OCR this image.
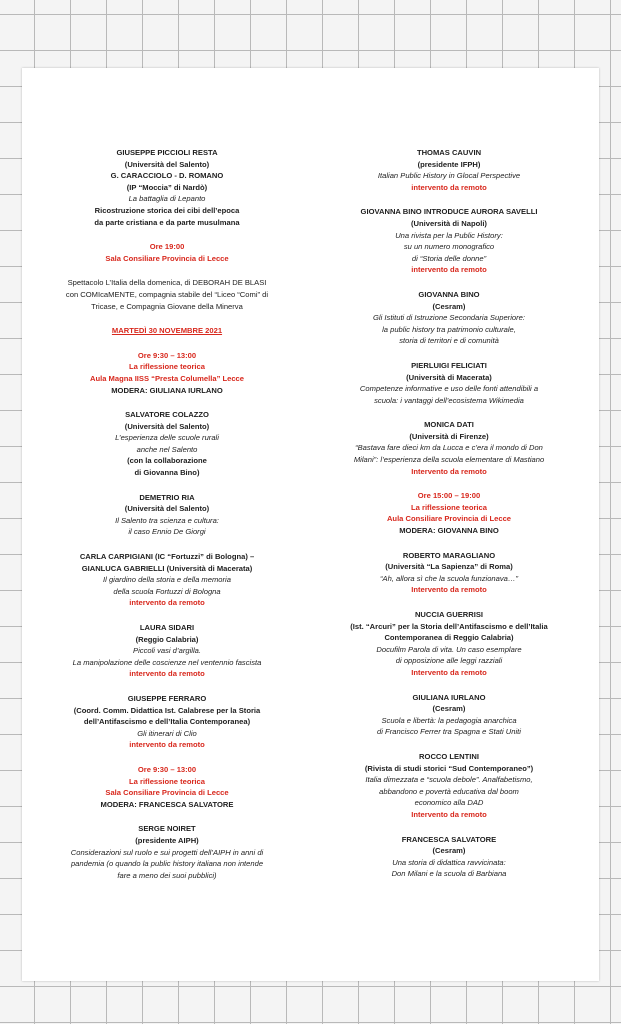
GIUSEPPE PICCIOLI RESTA
(Università del Salento)
G. CARACCIOLO - D. ROMANO
(IP “Moccia” di Nardò)
La battaglia di Lepanto
Ricostruzione storica dei cibi dell’epoca
da parte cristiana e da parte musulmana
Ore 19:00
Sala Consiliare Provincia di Lecce
Spettacolo L’Italia della domenica, di DEBORAH DE BLASI
con COMIcaMENTE, compagnia stabile del “Liceo “Comi” di
Tricase, e Compagnia Giovane della Minerva
MARTEDÌ 30 NOVEMBRE 2021
Ore 9:30 – 13:00
La riflessione teorica
Aula Magna IISS “Presta Columella” Lecce
MODERA: GIULIANA IURLANO
SALVATORE COLAZZO
(Università del Salento)
L’esperienza delle scuole rurali
anche nel Salento
(con la collaborazione
di Giovanna Bino)
DEMETRIO RIA
(Università del Salento)
Il Salento tra scienza e cultura:
il caso Ennio De Giorgi
CARLA CARPIGIANI (IC “Fortuzzi” di Bologna) –
GIANLUCA GABRIELLI (Università di Macerata)
Il giardino della storia e della memoria
della scuola Fortuzzi di Bologna
intervento da remoto
LAURA SIDARI
(Reggio Calabria)
Piccoli vasi d’argilla.
La manipolazione delle coscienze nel ventennio fascista
intervento da remoto
GIUSEPPE FERRARO
(Coord. Comm. Didattica Ist. Calabrese per la Storia
dell’Antifascismo e dell’Italia Contemporanea)
Gli itinerari di Clio
intervento da remoto
Ore 9:30 – 13:00
La riflessione teorica
Sala Consiliare Provincia di Lecce
MODERA: FRANCESCA SALVATORE
SERGE NOIRET
(presidente AIPH)
Considerazioni sul ruolo e sui progetti dell’AIPH in anni di
pandemia (o quando la public history italiana non intende
fare a meno dei suoi pubblici)
THOMAS CAUVIN
(presidente IFPH)
Italian Public History in Glocal Perspective
intervento da remoto
GIOVANNA BINO INTRODUCE AURORA SAVELLI
(Università di Napoli)
Una rivista per la Public History:
su un numero monografico
di “Storia delle donne”
intervento da remoto
GIOVANNA BINO
(Cesram)
Gli Istituti di Istruzione Secondaria Superiore:
la public history tra patrimonio culturale,
storia di territori e di comunità
PIERLUIGI FELICIATI
(Università di Macerata)
Competenze informative e uso delle fonti attendibili a
scuola: i vantaggi dell’ecosistema Wikimedia
MONICA DATI
(Università di Firenze)
“Bastava fare dieci km da Lucca e c’era il mondo di Don
Milani”: l’esperienza della scuola elementare di Mastiano
Intervento da remoto
Ore 15:00 – 19:00
La riflessione teorica
Aula Consiliare Provincia di Lecce
MODERA: GIOVANNA BINO
ROBERTO MARAGLIANO
(Università “La Sapienza” di Roma)
“Ah, allora sì che la scuola funzionava…”
Intervento da remoto
NUCCIA GUERRISI
(Ist. “Arcuri” per la Storia dell’Antifascismo e dell’Italia
Contemporanea di Reggio Calabria)
Docufilm Parola di vita. Un caso esemplare
di opposizione alle leggi razziali
Intervento da remoto
GIULIANA IURLANO
(Cesram)
Scuola e libertà: la pedagogia anarchica
di Francisco Ferrer tra Spagna e Stati Uniti
ROCCO LENTINI
(Rivista di studi storici “Sud Contemporaneo”)
Italia dimezzata e “scuola debole”. Analfabetismo,
abbandono e povertà educativa dal boom
economico alla DAD
Intervento da remoto
FRANCESCA SALVATORE
(Cesram)
Una storia di didattica ravvicinata:
Don Milani e la scuola di Barbiana
